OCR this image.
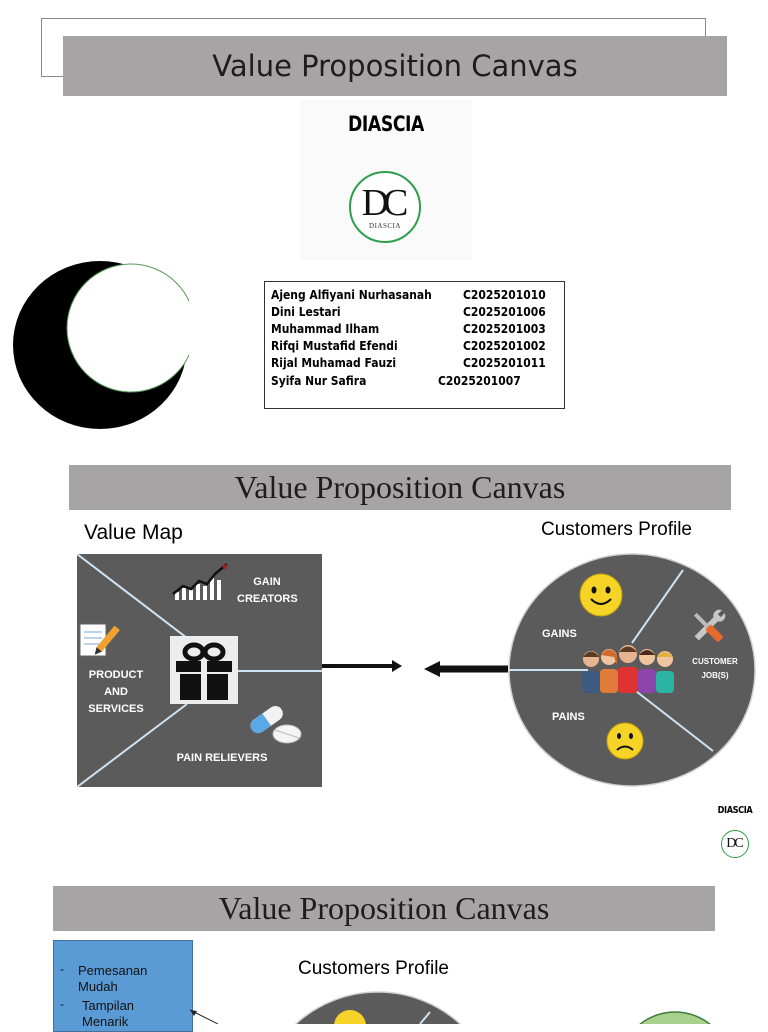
Value Proposition Canvas
DIASCIA
DC
DIASCIA
Ajeng Alfiyani Nurhasanah C2025201010
Dini Lestari	C2025201006
Muhammad Ilham	C2025201003
Rifqi Mustafid Efendi	C2025201002
Rijal Muhamad Fauzi	C2025201011
Syifa Nur Safira	C2025201007
Value Proposition Canvas
Value Map	Customers Profile
GAIN CREATORS
PRODUCT AND SERVICES
PAIN RELIEVERS
GAINS
PAINS
CUSTOMER JOB(S)
DIASCIA
DC
Value Proposition Canvas
- Pemesanan Mudah
- Tampilan Menarik
Customers Profile
